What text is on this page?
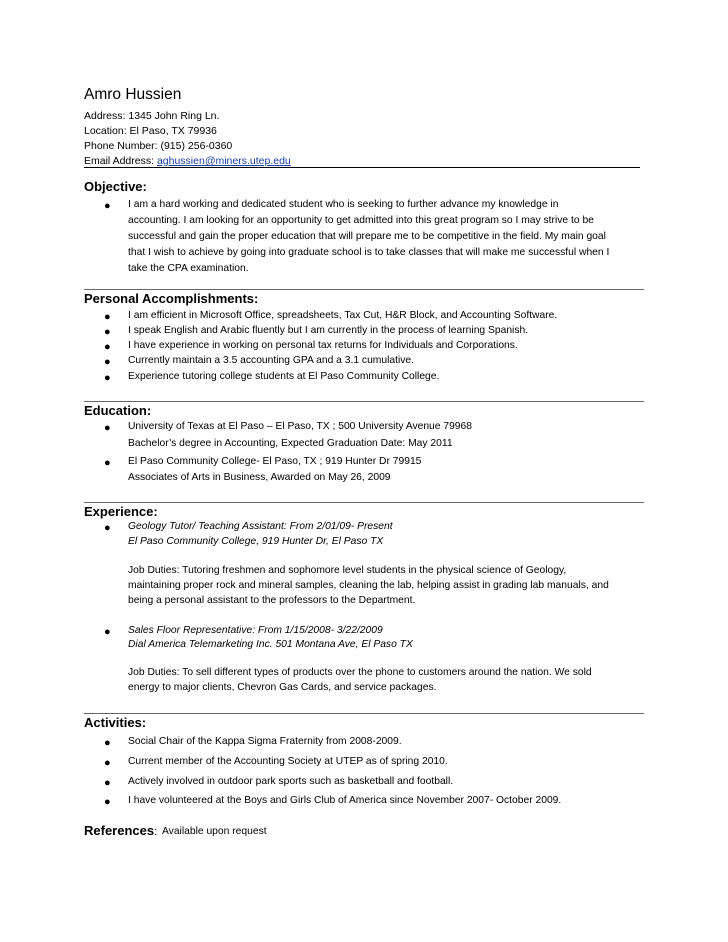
Amro Hussien
Address: 1345 John Ring Ln.
Location: El Paso, TX 79936
Phone Number: (915) 256-0360
Email Address: aghussien@miners.utep.edu
Objective:
● I am a hard working and dedicated student who is seeking to further advance my knowledge in
accounting. I am looking for an opportunity to get admitted into this great program so I may strive to be
successful and gain the proper education that will prepare me to be competitive in the field. My main goal
that I wish to achieve by going into graduate school is to take classes that will make me successful when I
take the CPA examination.
Personal Accomplishments:
● I am efficient in Microsoft Office, spreadsheets, Tax Cut, H&R Block, and Accounting Software.
● I speak English and Arabic fluently but I am currently in the process of learning Spanish.
● I have experience in working on personal tax returns for Individuals and Corporations.
● Currently maintain a 3.5 accounting GPA and a 3.1 cumulative.
● Experience tutoring college students at El Paso Community College.
Education:
● University of Texas at El Paso – El Paso, TX ; 500 University Avenue 79968
Bachelor’s degree in Accounting, Expected Graduation Date: May 2011
● El Paso Community College- El Paso, TX ; 919 Hunter Dr 79915
Associates of Arts in Business, Awarded on May 26, 2009
Experience:
● Geology Tutor/ Teaching Assistant: From 2/01/09- Present
El Paso Community College, 919 Hunter Dr, El Paso TX
Job Duties: Tutoring freshmen and sophomore level students in the physical science of Geology,
maintaining proper rock and mineral samples, cleaning the lab, helping assist in grading lab manuals, and
being a personal assistant to the professors to the Department.
● Sales Floor Representative: From 1/15/2008- 3/22/2009
Dial America Telemarketing Inc. 501 Montana Ave, El Paso TX
Job Duties: To sell different types of products over the phone to customers around the nation. We sold
energy to major clients, Chevron Gas Cards, and service packages.
Activities:
● Social Chair of the Kappa Sigma Fraternity from 2008-2009.
● Current member of the Accounting Society at UTEP as of spring 2010.
● Actively involved in outdoor park sports such as basketball and football.
● I have volunteered at the Boys and Girls Club of America since November 2007- October 2009.
References: Available upon request
